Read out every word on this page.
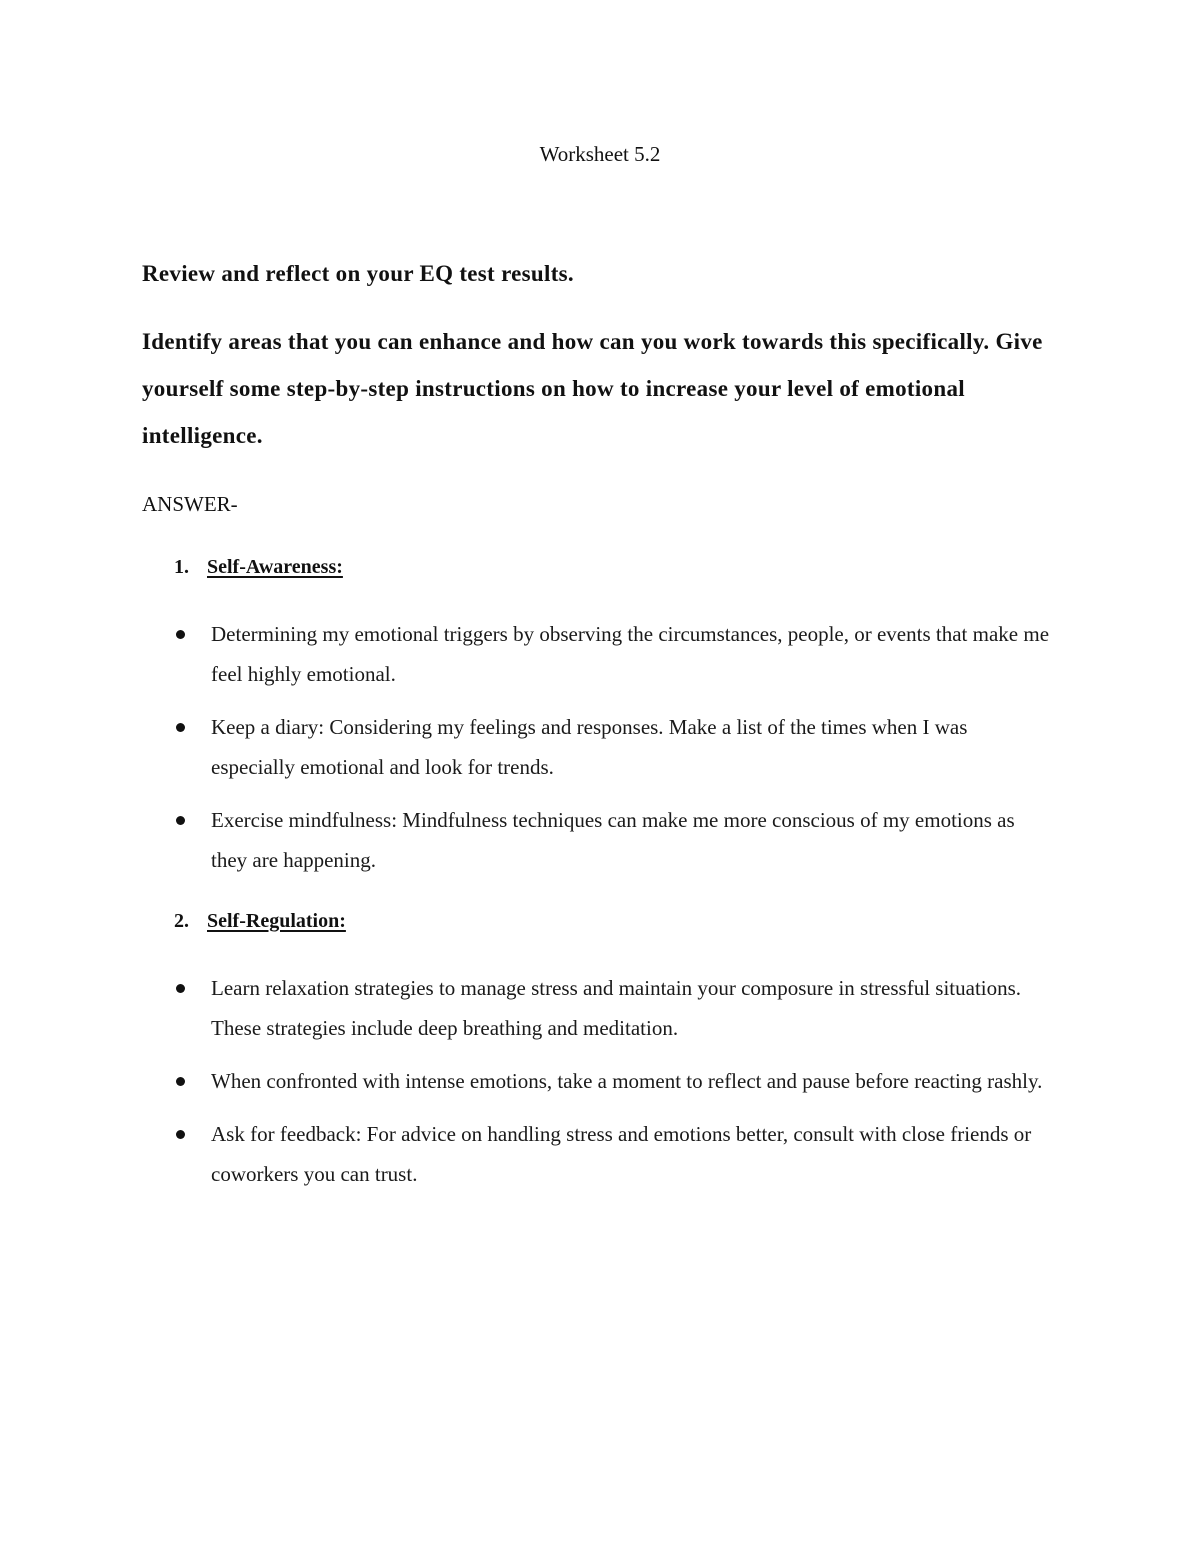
Worksheet 5.2

Review and reflect on your EQ test results.

Identify areas that you can enhance and how can you work towards this specifically. Give yourself some step-by-step instructions on how to increase your level of emotional intelligence.

ANSWER-

1. Self-Awareness:

Determining my emotional triggers by observing the circumstances, people, or events that make me feel highly emotional.
Keep a diary: Considering my feelings and responses. Make a list of the times when I was especially emotional and look for trends.
Exercise mindfulness: Mindfulness techniques can make me more conscious of my emotions as they are happening.

2. Self-Regulation:

Learn relaxation strategies to manage stress and maintain your composure in stressful situations. These strategies include deep breathing and meditation.
When confronted with intense emotions, take a moment to reflect and pause before reacting rashly.
Ask for feedback: For advice on handling stress and emotions better, consult with close friends or coworkers you can trust.
